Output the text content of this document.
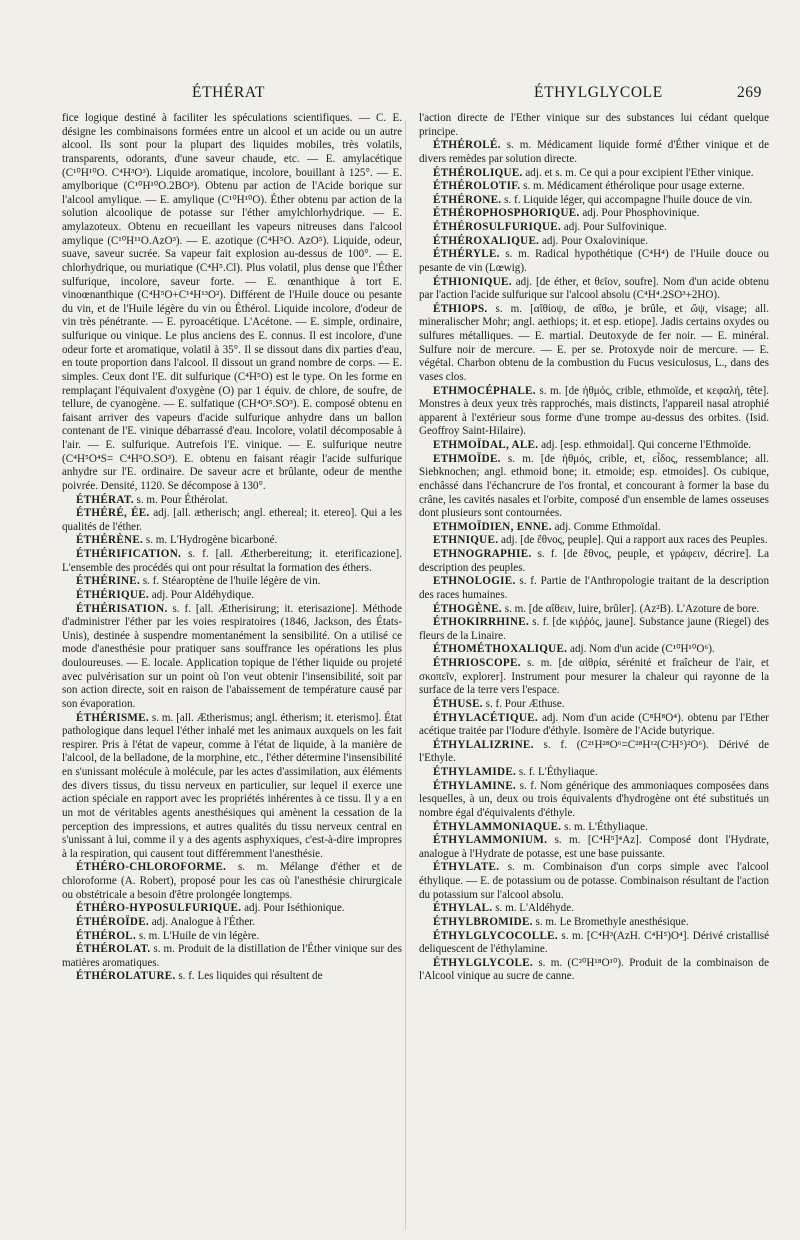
ÉTHÉRAT	ÉTHYLGLYCOLE	269

fice logique destiné à faciliter les spéculations scientifiques. — C. E. désigne les combinaisons formées entre un alcool et un acide ou un autre alcool. Ils sont pour la plupart des liquides mobiles, très volatils, transparents, odorants, d'une saveur chaude, etc. — E. amylacétique (C¹⁰H¹⁰O. C⁴H³O³). Liquide aromatique, incolore, bouillant à 125°. — E. amylborique (C¹⁰H¹⁰O.2BO³). Obtenu par action de l'Acide borique sur l'alcool amylique. — E. amylique (C¹⁰H¹⁰O). Éther obtenu par action de la solution alcoolique de potasse sur l'éther amylchlorhydrique. — E. amylazoteux. Obtenu en recueillant les vapeurs nitreuses dans l'alcool amylique (C¹⁰H¹¹O.AzO³). — E. azotique (C⁴H⁵O. AzO⁵). Liquide, odeur, suave, saveur sucrée. Sa vapeur fait explosion au-dessus de 100°. — E. chlorhydrique, ou muriatique (C⁴H⁵.Cl). Plus volatil, plus dense que l'Éther sulfurique, incolore, saveur forte. — E. œnanthique à tort E. vinoœnanthique (C⁴H⁵O+C¹⁴H¹³O²). Différent de l'Huile douce ou pesante du vin, et de l'Huile légère du vin ou Éthérol. Liquide incolore, d'odeur de vin très pénétrante. — E. pyroacétique. L'Acétone. — E. simple, ordinaire, sulfurique ou vinique. Le plus anciens des E. connus. Il est incolore, d'une odeur forte et aromatique, volatil à 35°. Il se dissout dans dix parties d'eau, en toute proportion dans l'alcool. Il dissout un grand nombre de corps. — E. simples. Ceux dont l'E. dit sulfurique (C⁴H⁵O) est le type. On les forme en remplaçant l'équivalent d'oxygène (O) par 1 équiv. de chlore, de soufre, de tellure, de cyanogène. — E. sulfatique (CH⁴O⁵.SO³). E. composé obtenu en faisant arriver des vapeurs d'acide sulfurique anhydre dans un ballon contenant de l'E. vinique débarrassé d'eau. Incolore, volatil décomposable à l'air. — E. sulfurique. Autrefois l'E. vinique. — E. sulfurique neutre (C⁴H⁵O⁴S= C⁴H⁵O.SO³). E. obtenu en faisant réagir l'acide sulfurique anhydre sur l'E. ordinaire. De saveur acre et brûlante, odeur de menthe poivrée. Densité, 1120. Se décompose à 130°.

ÉTHÉRAT. s. m. Pour Éthérolat.

ÉTHÉRÉ, ÉE. adj. [all. ætherisch; angl. ethereal; it. etereo]. Qui a les qualités de l'éther.

ÉTHÉRÈNE. s. m. L'Hydrogène bicarboné.

ÉTHÉRIFICATION. s. f. [all. Ætherbereitung; it. eterificazione]. L'ensemble des procédés qui ont pour résultat la formation des éthers.

ÉTHÉRINE. s. f. Stéaroptène de l'huile légère de vin.

ÉTHÉRIQUE. adj. Pour Aldéhydique.

ÉTHÉRISATION. s. f. [all. Ætherisirung; it. eterisazione]. Méthode d'administrer l'éther par les voies respiratoires (1846, Jackson, des États-Unis), destinée à suspendre momentanément la sensibilité. On a utilisé ce mode d'anesthésie pour pratiquer sans souffrance les opérations les plus douloureuses. — E. locale. Application topique de l'éther liquide ou projeté avec pulvérisation sur un point où l'on veut obtenir l'insensibilité, soit par son action directe, soit en raison de l'abaissement de température causé par son évaporation.

ÉTHÉRISME. s. m. [all. Ætherismus; angl. étherism; it. eterismo]. État pathologique dans lequel l'éther inhalé met les animaux auxquels on les fait respirer. Pris à l'état de vapeur, comme à l'état de liquide, à la manière de l'alcool, de la belladone, de la morphine, etc., l'éther détermine l'insensibilité en s'unissant molécule à molécule, par les actes d'assimilation, aux éléments des divers tissus, du tissu nerveux en particulier, sur lequel il exerce une action spéciale en rapport avec les propriétés inhérentes à ce tissu. Il y a en un mot de véritables agents anesthésiques qui amènent la cessation de la perception des impressions, et autres qualités du tissu nerveux central en s'unissant à lui, comme il y a des agents asphyxiques, c'est-à-dire impropres à la respiration, qui causent tout différemment l'anesthésie.

ÉTHÉRO-CHLOROFORME. s. m. Mélange d'éther et de chloroforme (A. Robert), proposé pour les cas où l'anesthésie chirurgicale ou obstétricale a besoin d'être prolongée longtemps.

ÉTHÉRO-HYPOSULFURIQUE. adj. Pour Iséthionique.

ÉTHÉROÏDE. adj. Analogue à l'Éther.

ÉTHÉROL. s. m. L'Huile de vin légère.

ÉTHÉROLAT. s. m. Produit de la distillation de l'Éther vinique sur des matières aromatiques.

ÉTHÉROLATURE. s. f. Les liquides qui résultent de

l'action directe de l'Ether vinique sur des substances lui cédant quelque principe.

ÉTHÉROLÉ. s. m. Médicament liquide formé d'Éther vinique et de divers remèdes par solution directe.

ÉTHÉROLIQUE. adj. et s. m. Ce qui a pour excipient l'Ether vinique.

ÉTHÉROLOTIF. s. m. Médicament éthérolique pour usage externe.

ÉTHÉRONE. s. f. Liquide léger, qui accompagne l'huile douce de vin.

ÉTHÉROPHOSPHORIQUE. adj. Pour Phosphovinique.

ÉTHÉROSULFURIQUE. adj. Pour Sulfovinique.

ÉTHÉROXALIQUE. adj. Pour Oxalovinique.

ÉTHÉRYLE. s. m. Radical hypothétique (C⁴H⁴) de l'Huile douce ou pesante de vin (Lœwig).

ÉTHIONIQUE. adj. [de éther, et θεῖον, soufre]. Nom d'un acide obtenu par l'action l'acide sulfurique sur l'alcool absolu (C⁴H⁴.2SO³+2HO).

ÉTHIOPS. s. m. [αἴθίοψ, de αἴθω, je brûle, et ὤψ, visage; all. mineralischer Mohr; angl. aethiops; it. et esp. etiope]. Jadis certains oxydes ou sulfures métalliques. — E. martial. Deutoxyde de fer noir. — E. minéral. Sulfure noir de mercure. — E. per se. Protoxyde noir de mercure. — E. végétal. Charbon obtenu de la combustion du Fucus vesiculosus, L., dans des vases clos.

ETHMOCÉPHALE. s. m. [de ἠθμός, crible, ethmoïde, et κεφαλή, tête]. Monstres à deux yeux très rapprochés, mais distincts, l'appareil nasal atrophié apparent à l'extérieur sous forme d'une trompe au-dessus des orbites. (Isid. Geoffroy Saint-Hilaire).

ETHMOÏDAL, ALE. adj. [esp. ethmoidal]. Qui concerne l'Ethmoïde.

ETHMOÏDE. s. m. [de ἠθμός, crible, et, εἶδος, ressemblance; all. Siebknochen; angl. ethmoid bone; it. etmoide; esp. etmoides]. Os cubique, enchâssé dans l'échancrure de l'os frontal, et concourant à former la base du crâne, les cavités nasales et l'orbite, composé d'un ensemble de lames osseuses dont plusieurs sont contournées.

ETHMOÏDIEN, ENNE. adj. Comme Ethmoïdal.

ETHNIQUE. adj. [de ἔθνος, peuple]. Qui a rapport aux races des Peuples.

ETHNOGRAPHIE. s. f. [de ἔθνος, peuple, et γράφειν, décrire]. La description des peuples.

ETHNOLOGIE. s. f. Partie de l'Anthropologie traitant de la description des races humaines.

ÉTHOGÈNE. s. m. [de αἴθειν, luire, brûler]. (Az²B). L'Azoture de bore.

ÉTHOKIRRHINE. s. f. [de κιῤῥός, jaune]. Substance jaune (Riegel) des fleurs de la Linaire.

ÉTHOMÉTHOXALIQUE. adj. Nom d'un acide (C¹⁰H¹⁰O⁶).

ÉTHRIOSCOPE. s. m. [de αἰθρία, sérénité et fraîcheur de l'air, et σκοπεῖν, explorer]. Instrument pour mesurer la chaleur qui rayonne de la surface de la terre vers l'espace.

ÉTHUSE. s. f. Pour Æthuse.

ÉTHYLACÉTIQUE. adj. Nom d'un acide (C⁸H⁸O⁴). obtenu par l'Ether acétique traitée par l'Iodure d'éthyle. Isomère de l'Acide butyrique.

ÉTHYLALIZRINE. s. f. (C²¹H²⁸O⁶=C²⁸H¹²(C²H⁵)²O⁶). Dérivé de l'Ethyle.

ÉTHYLAMIDE. s. f. L'Éthyliaque.

ÉTHYLAMINE. s. f. Nom générique des ammoniaques composées dans lesquelles, à un, deux ou trois équivalents d'hydrogène ont été substitués un nombre égal d'équivalents d'éthyle.

ÉTHYLAMMONIAQUE. s. m. L'Éthyliaque.

ÉTHYLAMMONIUM. s. m. [C⁴H⁵]⁴Az]. Composé dont l'Hydrate, analogue à l'Hydrate de potasse, est une base puissante.

ÉTHYLATE. s. m. Combinaison d'un corps simple avec l'alcool éthylique. — E. de potassium ou de potasse. Combinaison résultant de l'action du potassium sur l'alcool absolu.

ÉTHYLAL. s. m. L'Aldéhyde.

ÉTHYLBROMIDE. s. m. Le Bromethyle anesthésique.

ÉTHYLGLYCOCOLLE. s. m. [C⁴H³(AzH. C⁴H⁵)O⁴]. Dérivé cristallisé deliquescent de l'éthylamine.

ÉTHYLGLYCOLE. s. m. (C²⁰H¹⁸O¹⁰). Produit de la combinaison de l'Alcool vinique au sucre de canne.
